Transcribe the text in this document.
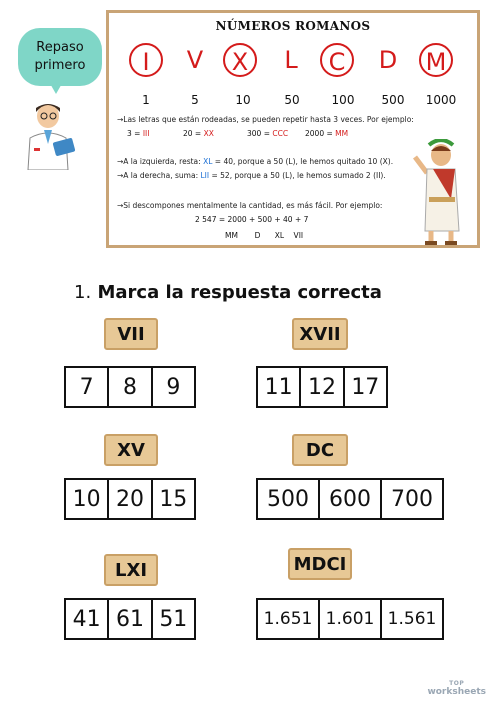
Repaso
primero
NÚMEROS ROMANOS
I	V	X	L	C	D	M
1	5	10	50	100	500	1000
→Las letras que están rodeadas, se pueden repetir hasta 3 veces. Por ejemplo:
3 = III	20 = XX	300 = CCC 2000 = MM
→A la izquierda, resta: XL = 40, porque a 50 (L), le hemos quitado 10 (X).
→A la derecha, suma: LII = 52, porque a 50 (L), le hemos sumado 2 (II).
→Si descompones mentalmente la cantidad, es más fácil. Por ejemplo:
2 547 = 2000 + 500 + 40 + 7
MM       D      XL    VII
1. Marca la respuesta correcta
VII
7	8	9
XVII
11 12 17
XV
10 20 15
DC
500 600 700
LXI
41 61 51
MDCI
1.651 1.601 1.561
TOP
worksheets
